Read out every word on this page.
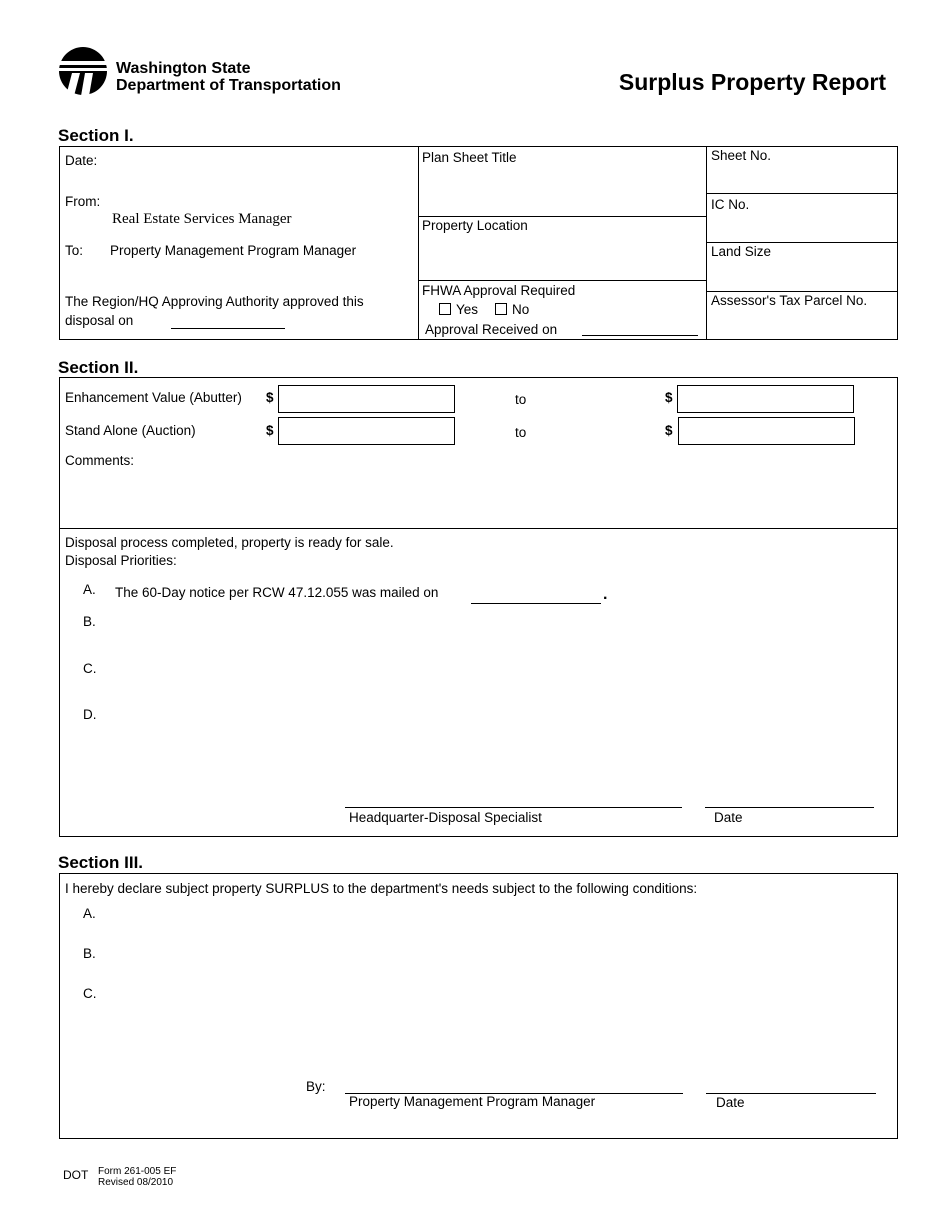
Washington State
Department of Transportation	Surplus Property Report
Section I.
Date:
From:
Real Estate Services Manager
To: Property Management Program Manager
The Region/HQ Approving Authority approved this
disposal on
Plan Sheet Title
Property Location
FHWA Approval Required
Yes	No
Approval Received on
Sheet No.
IC No.
Land Size
Assessor's Tax Parcel No.
Section II.
Enhancement Value (Abutter) $	to	$
Stand Alone (Auction)	$	to	$
Comments:
Disposal process completed, property is ready for sale.
Disposal Priorities:
A. The 60-Day notice per RCW 47.12.055 was mailed on	.
B.
C.
D.
Headquarter-Disposal Specialist	Date
Section III.
I hereby declare subject property SURPLUS to the department's needs subject to the following conditions:
A.
B.
C.
By:
Property Management Program Manager	Date
DOT Form 261-005 EF
Revised 08/2010
